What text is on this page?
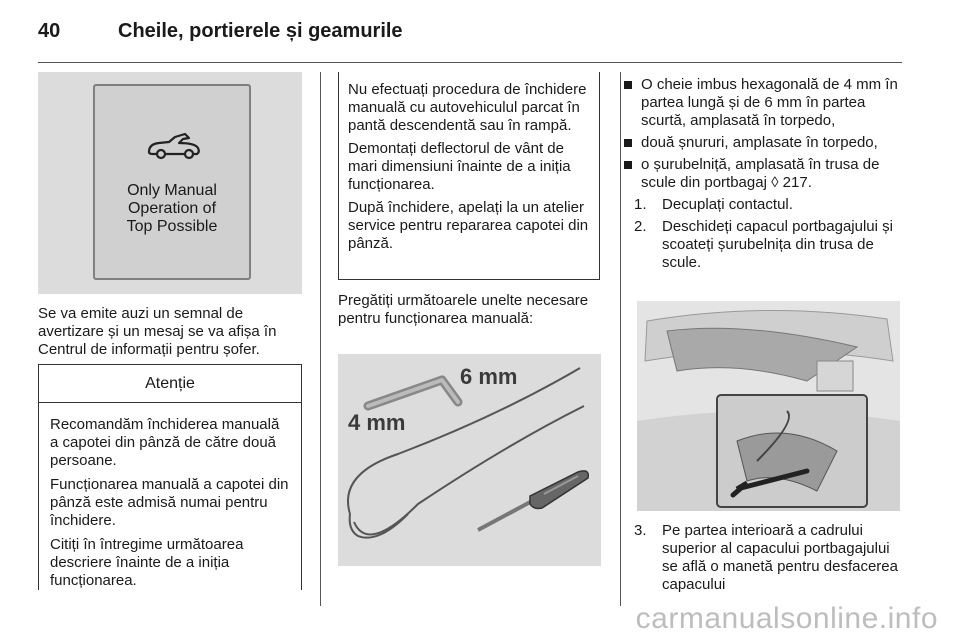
40	Cheile, portierele și geamurile
Only Manual
Operation of
Top Possible

Se va emite auzi un semnal de avertizare și un mesaj se va afișa în Centrul de informații pentru șofer.

Atenție

Recomandăm închiderea manuală a capotei din pânză de către două persoane.

Funcționarea manuală a capotei din pânză este admisă numai pentru închidere.

Citiți în întregime următoarea descriere înainte de a iniția funcționarea.

Nu efectuați procedura de închidere manuală cu autovehiculul parcat în pantă descendentă sau în rampă.

Demontați deflectorul de vânt de mari dimensiuni înainte de a iniția funcționarea.

După închidere, apelați la un atelier service pentru repararea capotei din pânză.

Pregătiți următoarele unelte necesare pentru funcționarea manuală:

6 mm
4 mm
O cheie imbus hexagonală de 4 mm în partea lungă și de 6 mm în partea scurtă, amplasată în torpedo,
două șnururi, amplasate în torpedo,
o șurubelniță, amplasată în trusa de scule din portbagaj ◊ 217.
1. Decuplați contactul.
2. Deschideți capacul portbagajului și scoateți șurubelnița din trusa de scule.
3. Pe partea interioară a cadrului superior al capacului portbagajului se află o manetă pentru desfacerea capacului
carmanualsonline.info
